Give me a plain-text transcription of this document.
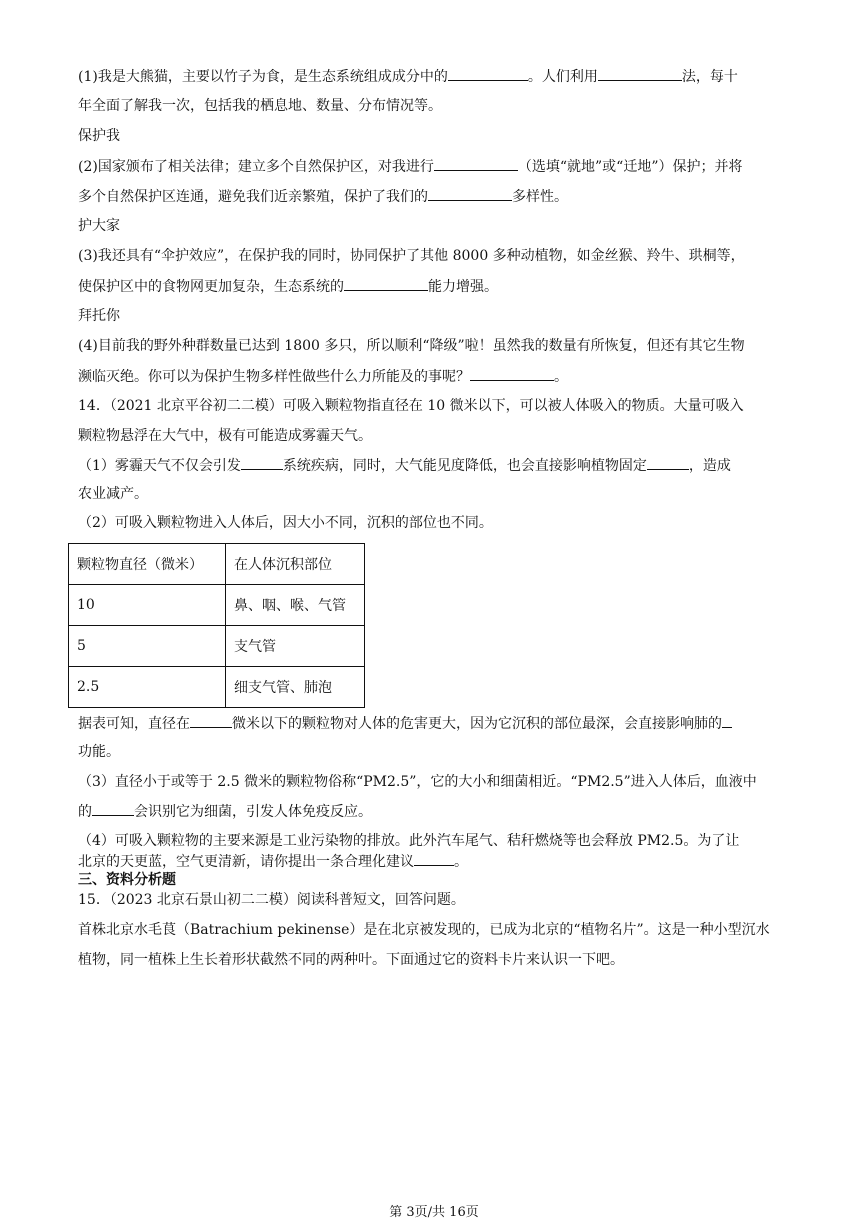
(1)我是大熊猫，主要以竹子为食，是生态系统组成成分中的	。人们利用	法，每十
年全面了解我一次，包括我的栖息地、数量、分布情况等。
保护我
(2)国家颁布了相关法律；建立多个自然保护区，对我进行	（选填“就地”或“迁地”）保护；并将
多个自然保护区连通，避免我们近亲繁殖，保护了我们的	多样性。
护大家
(3)我还具有“伞护效应”，在保护我的同时，协同保护了其他 8000 多种动植物，如金丝猴、羚牛、珙桐等，
使保护区中的食物网更加复杂，生态系统的	能力增强。
拜托你
(4)目前我的野外种群数量已达到 1800 多只，所以顺利“降级”啦！虽然我的数量有所恢复，但还有其它生物
濒临灭绝。你可以为保护生物多样性做些什么力所能及的事呢？	。
14．（2021 北京平谷初二二模）可吸入颗粒物指直径在 10 微米以下，可以被人体吸入的物质。大量可吸入
颗粒物悬浮在大气中，极有可能造成雾霾天气。
（1）雾霾天气不仅会引发	系统疾病，同时，大气能见度降低，也会直接影响植物固定	，造成
农业减产。
（2）可吸入颗粒物进入人体后，因大小不同，沉积的部位也不同。
颗粒物直径（微米）	在人体沉积部位
10	鼻、咽、喉、气管
5	支气管
2.5	细支气管、肺泡
据表可知，直径在	微米以下的颗粒物对人体的危害更大，因为它沉积的部位最深，会直接影响肺的
功能。
（3）直径小于或等于 2.5 微米的颗粒物俗称“PM2.5”，它的大小和细菌相近。“PM2.5”进入人体后，血液中
的	会识别它为细菌，引发人体免疫反应。
（4）可吸入颗粒物的主要来源是工业污染物的排放。此外汽车尾气、秸秆燃烧等也会释放 PM2.5。为了让
北京的天更蓝，空气更清新，请你提出一条合理化建议	。
三、资料分析题
15．（2023 北京石景山初二二模）阅读科普短文，回答问题。
首株北京水毛茛（Batrachium pekinense）是在北京被发现的，已成为北京的“植物名片”。这是一种小型沉水
植物，同一植株上生长着形状截然不同的两种叶。下面通过它的资料卡片来认识一下吧。
第 3页/共 16页
